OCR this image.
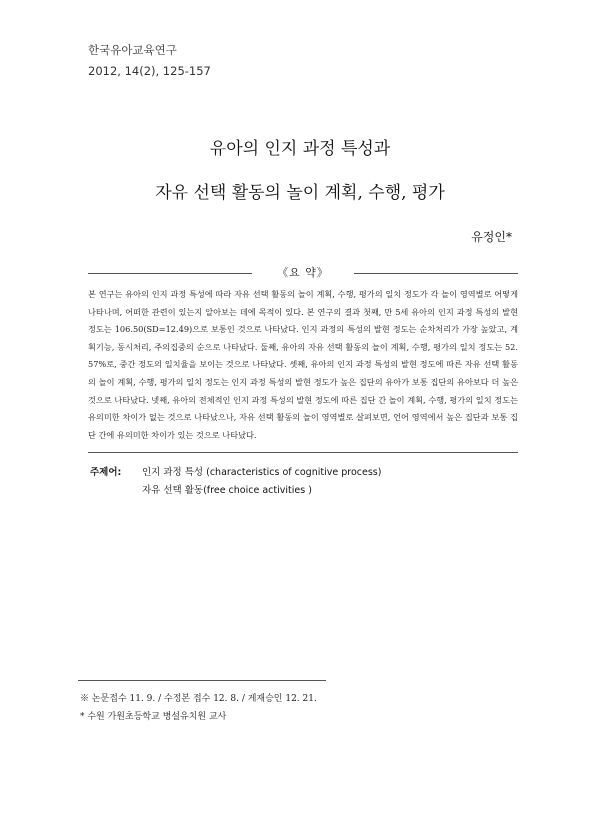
한국유아교육연구
2012, 14(2), 125-157
유아의 인지 과정 특성과
자유 선택 활동의 놀이 계획, 수행, 평가
유정인*
《요 약》
본 연구는 유아의 인지 과정 특성에 따라 자유 선택 활동의 놀이 계획, 수행, 평가의 일치 정도가 각 놀이 영역별로 어떻게 나타나며, 어떠한 관련이 있는지 알아보는 데에 목적이 있다. 본 연구의 결과 첫째, 만 5세 유아의 인지 과정 특성의 발현 정도는 106.50(SD=12.49)으로 보통인 것으로 나타났다. 인지 과정의 특성의 발현 정도는 순차처리가 가장 높았고, 계획기능, 동시처리, 주의집중의 순으로 나타났다. 둘째, 유아의 자유 선택 활동의 놀이 계획, 수행, 평가의 일치 정도는 52.57%로, 중간 정도의 일치율을 보이는 것으로 나타났다. 셋째, 유아의 인지 과정 특성의 발현 정도에 따른 자유 선택 활동의 놀이 계획, 수행, 평가의 일치 정도는 인지 과정 특성의 발현 정도가 높은 집단의 유아가 보통 집단의 유아보다 더 높은 것으로 나타났다. 넷째, 유아의 전체적인 인지 과정 특성의 발현 정도에 따른 집단 간 놀이 계획, 수행, 평가의 일치 정도는 유의미한 차이가 없는 것으로 나타났으나, 자유 선택 활동의 놀이 영역별로 살펴보면, 언어 영역에서 높은 집단과 보통 집단 간에 유의미한 차이가 있는 것으로 나타났다.
주제어:	인지 과정 특성 (characteristics of cognitive process)
자유 선택 활동(free choice activities )
※ 논문접수 11. 9. / 수정본 접수 12. 8. / 게재승인 12. 21.
* 수원 가원초등학교 병설유치원 교사
